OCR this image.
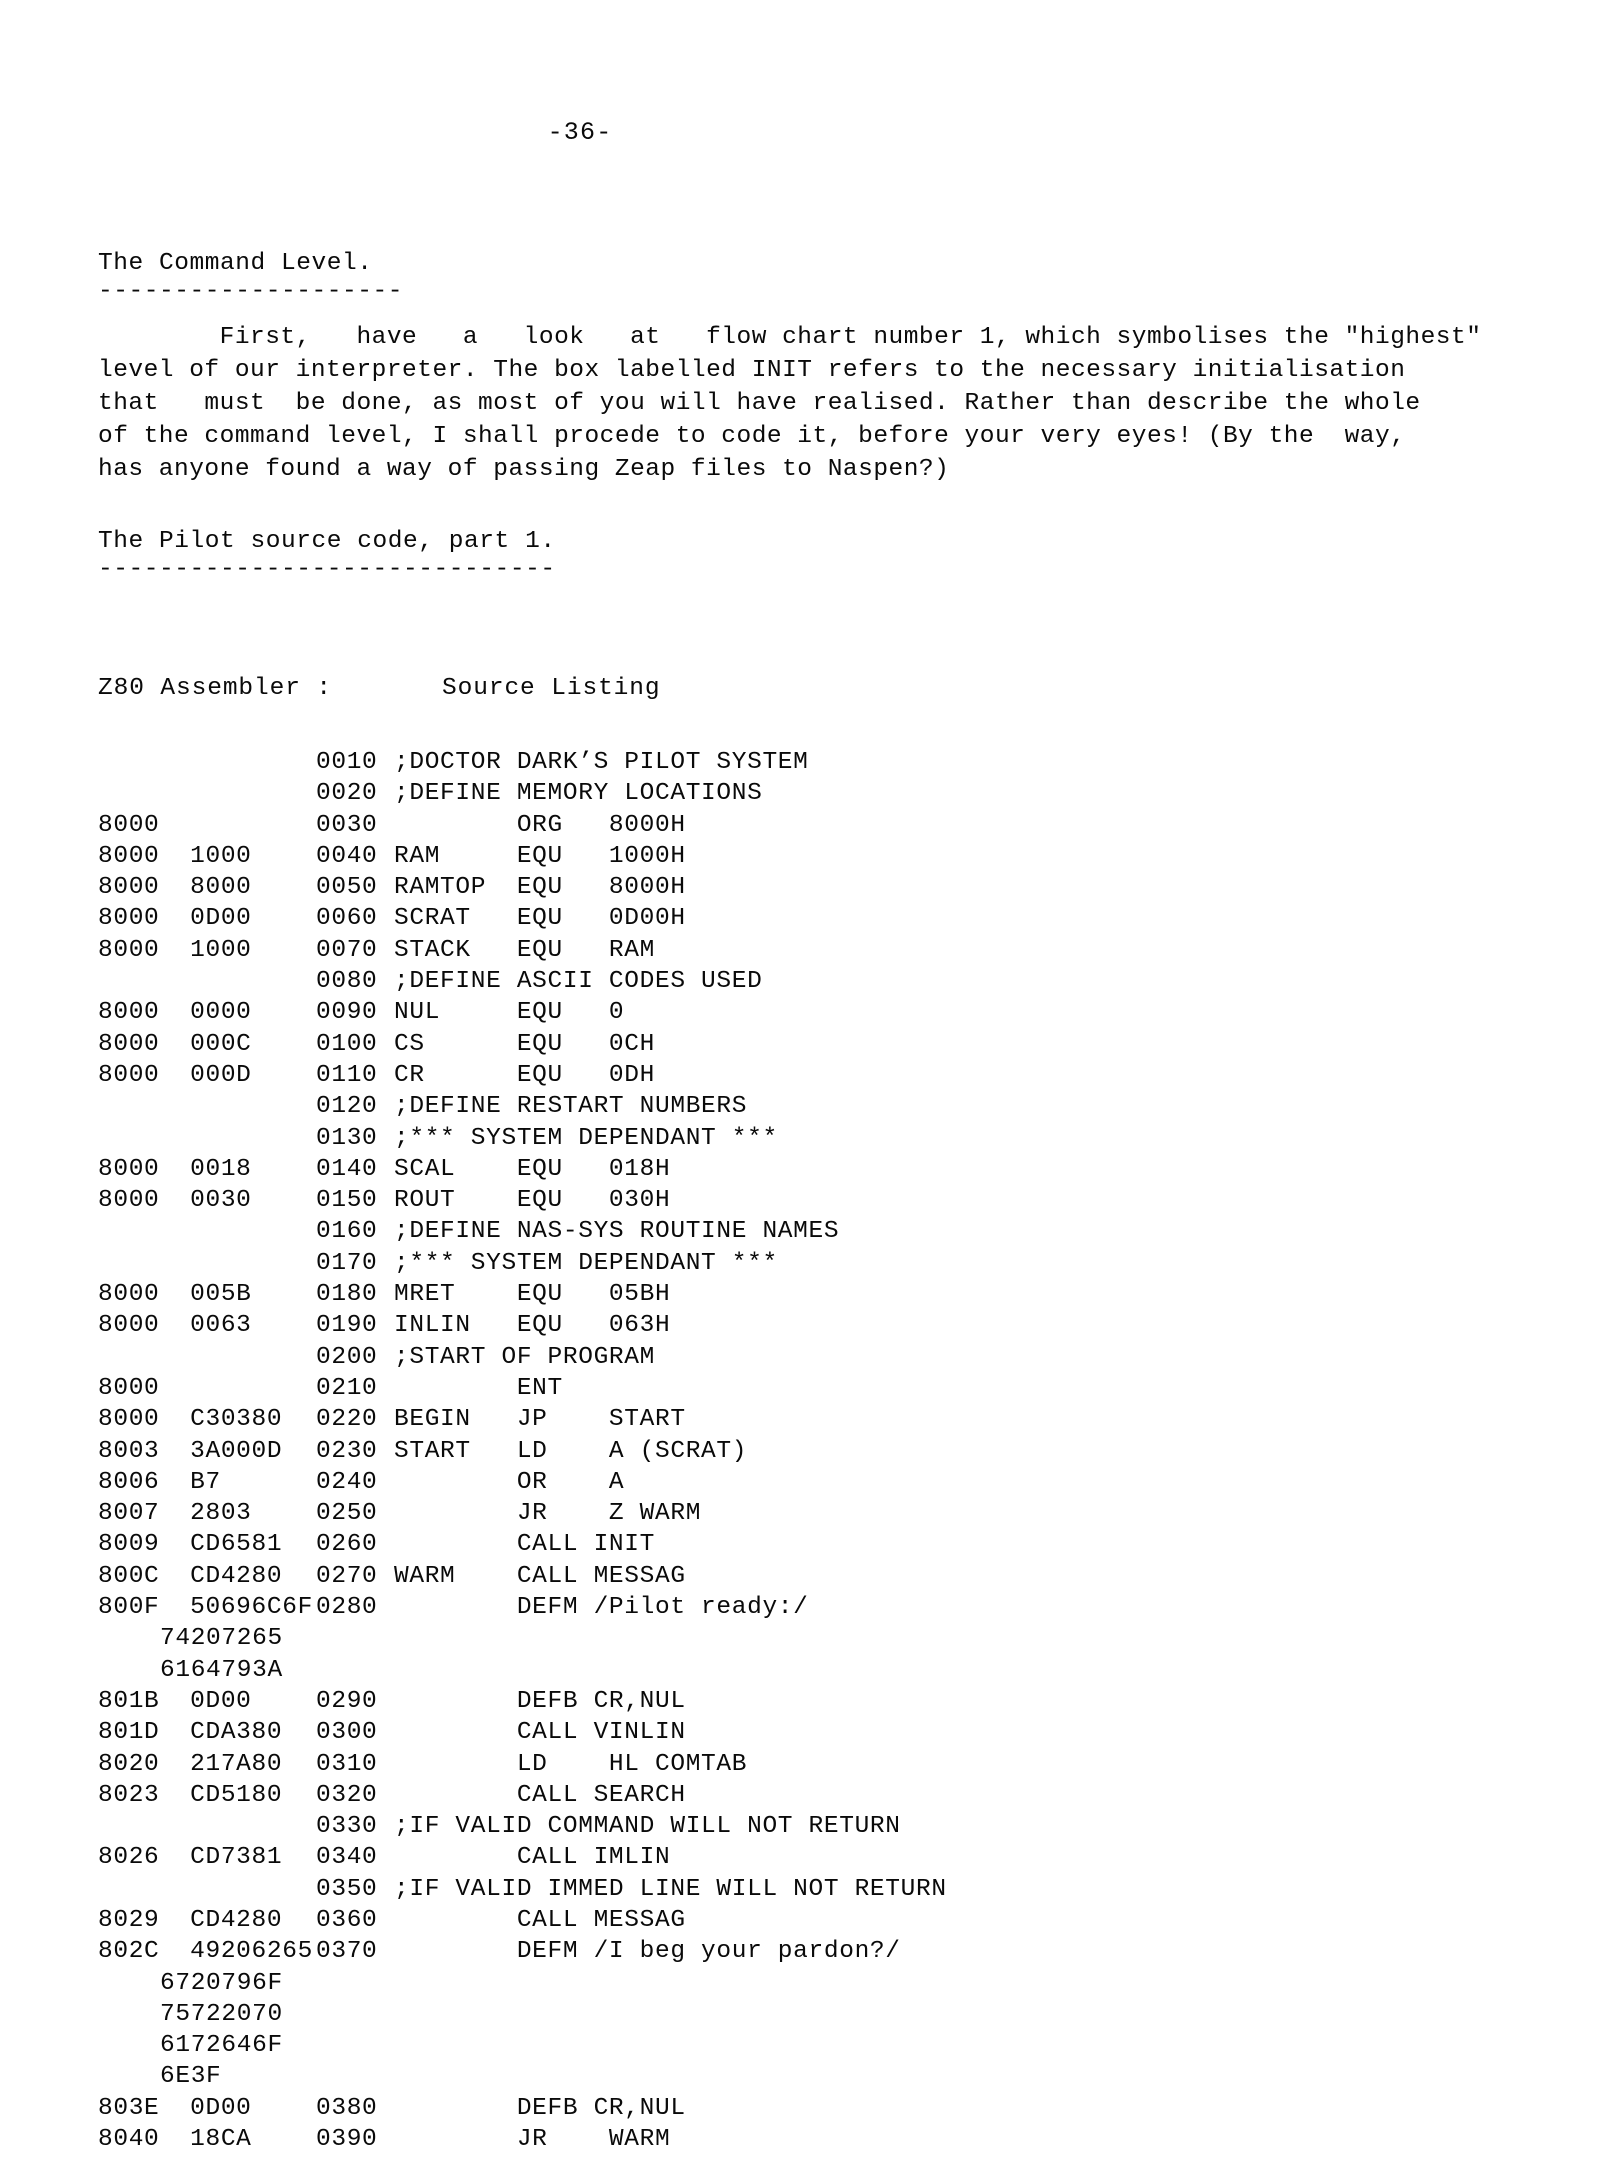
-36-
The Command Level.
--------------------
First,   have   a   look   at   flow chart number 1, which symbolises the "highest"
level of our interpreter. The box labelled INIT refers to the necessary initialisation
that   must  be done, as most of you will have realised. Rather than describe the whole
of the command level, I shall procede to code it, before your very eyes! (By the  way,
has anyone found a way of passing Zeap files to Naspen?)
The Pilot source code, part 1.
------------------------------
Z80 Assembler :	Source Listing
0010 ;DOCTOR DARK’S PILOT SYSTEM
0020 ;DEFINE MEMORY LOCATIONS
8000	0030        ORG   8000H
8000  1000	0040 RAM     EQU   1000H
8000  8000	0050 RAMTOP  EQU   8000H
8000  0D00	0060 SCRAT   EQU   0D00H
8000  1000	0070 STACK   EQU   RAM
0080 ;DEFINE ASCII CODES USED
8000  0000	0090 NUL     EQU   0
8000  000C	0100 CS      EQU   0CH
8000  000D	0110 CR      EQU   0DH
0120 ;DEFINE RESTART NUMBERS
0130 ;*** SYSTEM DEPENDANT ***
8000  0018	0140 SCAL    EQU   018H
8000  0030	0150 ROUT    EQU   030H
0160 ;DEFINE NAS-SYS ROUTINE NAMES
0170 ;*** SYSTEM DEPENDANT ***
8000  005B	0180 MRET    EQU   05BH
8000  0063	0190 INLIN   EQU   063H
0200 ;START OF PROGRAM
8000	0210        ENT
8000  C30380 0220 BEGIN   JP    START
8003  3A000D 0230 START   LD    A (SCRAT)
8006  B7	0240        OR    A
8007  2803	0250        JR    Z WARM
8009  CD6581 0260        CALL INIT
800C  CD4280 0270 WARM    CALL MESSAG
800F  50696C6F 0280        DEFM /Pilot ready:/
74207265
6164793A
801B  0D00	0290        DEFB CR,NUL
801D  CDA380 0300        CALL VINLIN
8020  217A80 0310        LD    HL COMTAB
8023  CD5180 0320        CALL SEARCH
0330 ;IF VALID COMMAND WILL NOT RETURN
8026  CD7381 0340        CALL IMLIN
0350 ;IF VALID IMMED LINE WILL NOT RETURN
8029  CD4280 0360        CALL MESSAG
802C  49206265 0370        DEFM /I beg your pardon?/
6720796F
75722070
6172646F
6E3F
803E  0D00	0380        DEFB CR,NUL
8040  18CA	0390        JR    WARM
